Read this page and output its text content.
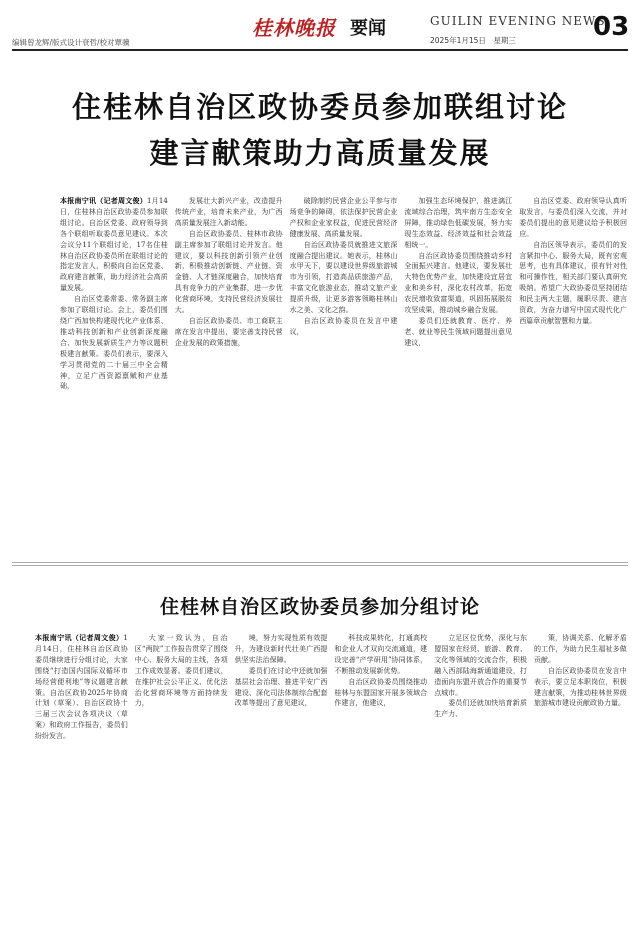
编辑曾龙辉/版式设计衰哲/校对覃骥
桂林晚报 要闻	GUILIN EVENING NEWS
2025年1月15日　星期三	03
住桂林自治区政协委员参加联组讨论
建言献策助力高质量发展

本报南宁讯（记者周文俊）1月14日，住桂林自治区政协委员参加联组讨论。自治区党委、政府领导到各个联组听取委员意见建议。本次会议分11个联组讨论，17名住桂林自治区政协委员所在联组讨论的指定发言人，积极向自治区党委、政府建言献策，助力经济社会高质量发展。

自治区党委常委、常务副主席参加了联组讨论。会上，委员们围绕广西加快构建现代化产业体系、推动科技创新和产业创新深度融合、加快发展新质生产力等议题积极建言献策。委员们表示，要深入学习贯彻党的二十届三中全会精神，立足广西资源禀赋和产业基础，

发展壮大新兴产业，改造提升传统产业，培育未来产业，为广西高质量发展注入新动能。

自治区政协委员、桂林市政协副主席参加了联组讨论并发言。他建议，要以科技创新引领产业创新，积极推动创新链、产业链、资金链、人才链深度融合，加快培育具有竞争力的产业集群，进一步优化营商环境，支持民营经济发展壮大。

自治区政协委员、市工商联主席在发言中提出，要完善支持民营企业发展的政策措施，

破除制约民营企业公平参与市场竞争的障碍，依法保护民营企业产权和企业家权益，促进民营经济健康发展、高质量发展。

自治区政协委员就推进文旅深度融合提出建议。她表示，桂林山水甲天下，要以建设世界级旅游城市为引领，打造高品质旅游产品，丰富文化旅游业态，推动文旅产业提质升级，让更多游客领略桂林山水之美、文化之韵。

自治区政协委员在发言中建议，

加强生态环境保护，推进漓江流域综合治理，筑牢南方生态安全屏障，推动绿色低碳发展，努力实现生态效益、经济效益和社会效益相统一。

自治区政协委员围绕推动乡村全面振兴建言。他建议，要发展壮大特色优势产业，加快建设宜居宜业和美乡村，深化农村改革，拓宽农民增收致富渠道，巩固拓展脱贫攻坚成果，推动城乡融合发展。

委员们还就教育、医疗、养老、就业等民生领域问题提出意见建议，

自治区党委、政府领导认真听取发言，与委员们深入交流，并对委员们提出的意见建议给予积极回应。

自治区领导表示，委员们的发言紧扣中心、服务大局，既有宏观思考，也有具体建议，很有针对性和可操作性，相关部门要认真研究吸纳。希望广大政协委员坚持团结和民主两大主题，履职尽责、建言资政，为奋力谱写中国式现代化广西篇章贡献智慧和力量。

住桂林自治区政协委员参加分组讨论

本报南宁讯（记者周文俊）1月14日，住桂林自治区政协委员继续进行分组讨论，大家围绕“打造国内国际双循环市场经营便利地”等议题建言献策。自治区政协2025年协商计划（草案）、自治区政协十三届三次会议各项决议（草案）和政府工作报告，委员们纷纷发言。

大家一致认为，自治区“两院”工作报告贯穿了围绕中心、服务大局的主线，各项工作成效显著。委员们建议，在维护社会公平正义、优化法治化营商环境等方面持续发力，

境，努力实现性质有效提升，为建设新时代壮美广西提供坚实法治保障。

委员们在讨论中还就加强基层社会治理、推进平安广西建设、深化司法体制综合配套改革等提出了意见建议，

科技成果转化，打通高校和企业人才双向交流通道，建设完善“产学研用”协同体系，不断推动发展新优势。

自治区政协委员围绕推动桂林与东盟国家开展多领域合作建言，他建议，

立足区位优势，深化与东盟国家在经贸、旅游、教育、文化等领域的交流合作，积极融入西部陆海新通道建设，打造面向东盟开放合作的重要节点城市。

委员们还就加快培育新质生产力、

策，协调关系、化解矛盾的工作，为助力民生福祉多做贡献。

自治区政协委员在发言中表示，要立足本职岗位，积极建言献策，为推动桂林世界级旅游城市建设贡献政协力量。
